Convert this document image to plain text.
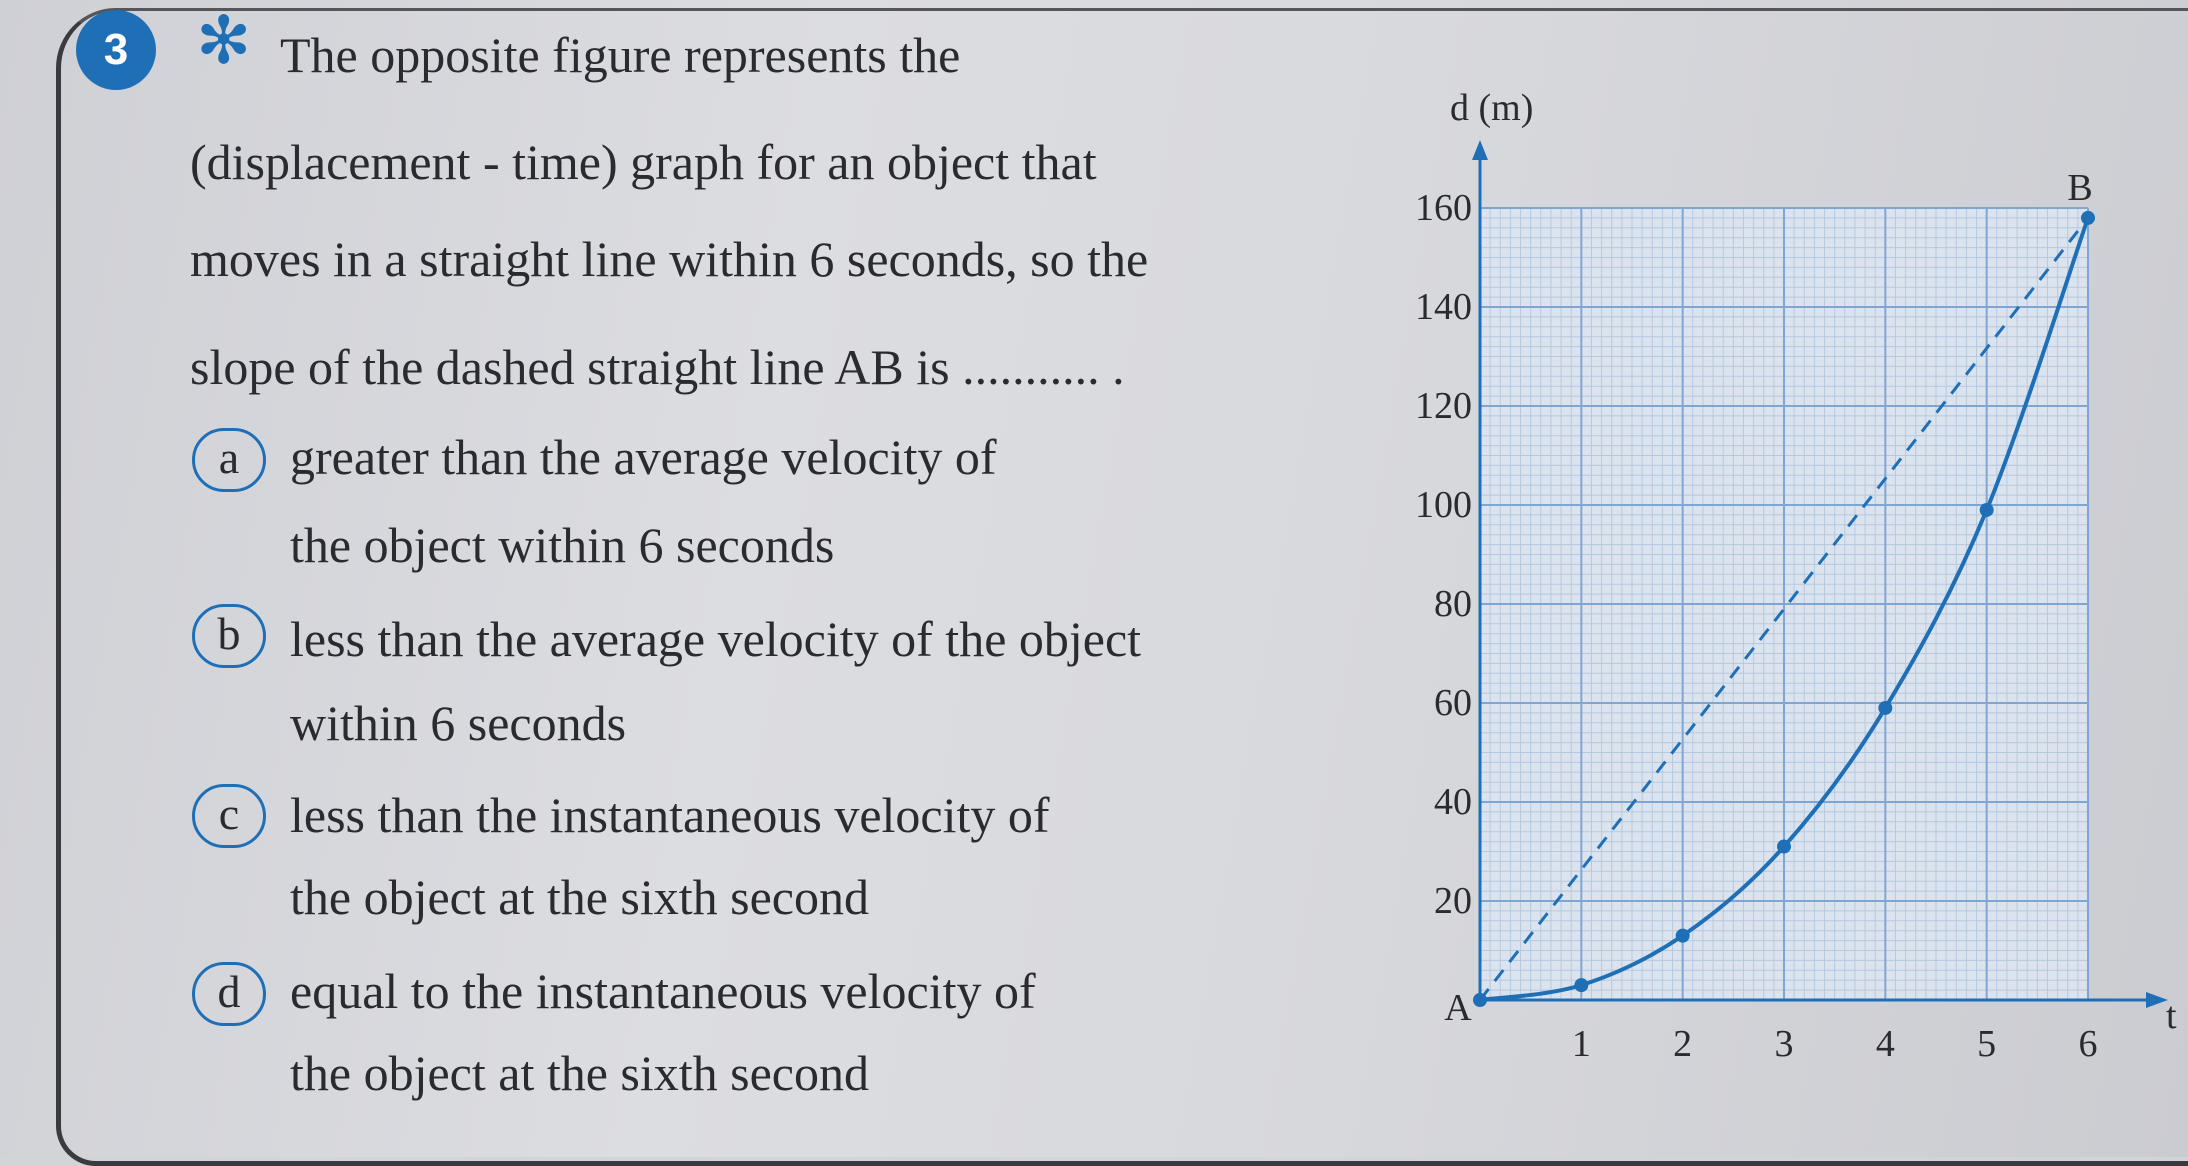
3	✻ The opposite figure represents the
(displacement - time) graph for an object that
moves in a straight line within 6 seconds, so the
slope of the dashed straight line AB is ........... .
a	greater than the average velocity of
the object within 6 seconds
b less than the average velocity of the object
within 6 seconds
c	less than the instantaneous velocity of
the object at the sixth second
d equal to the instantaneous velocity of
the object at the sixth second
1 2 3 4 5 6
20
40
60
80
100
120
140
160
A
B
d (m)
t
